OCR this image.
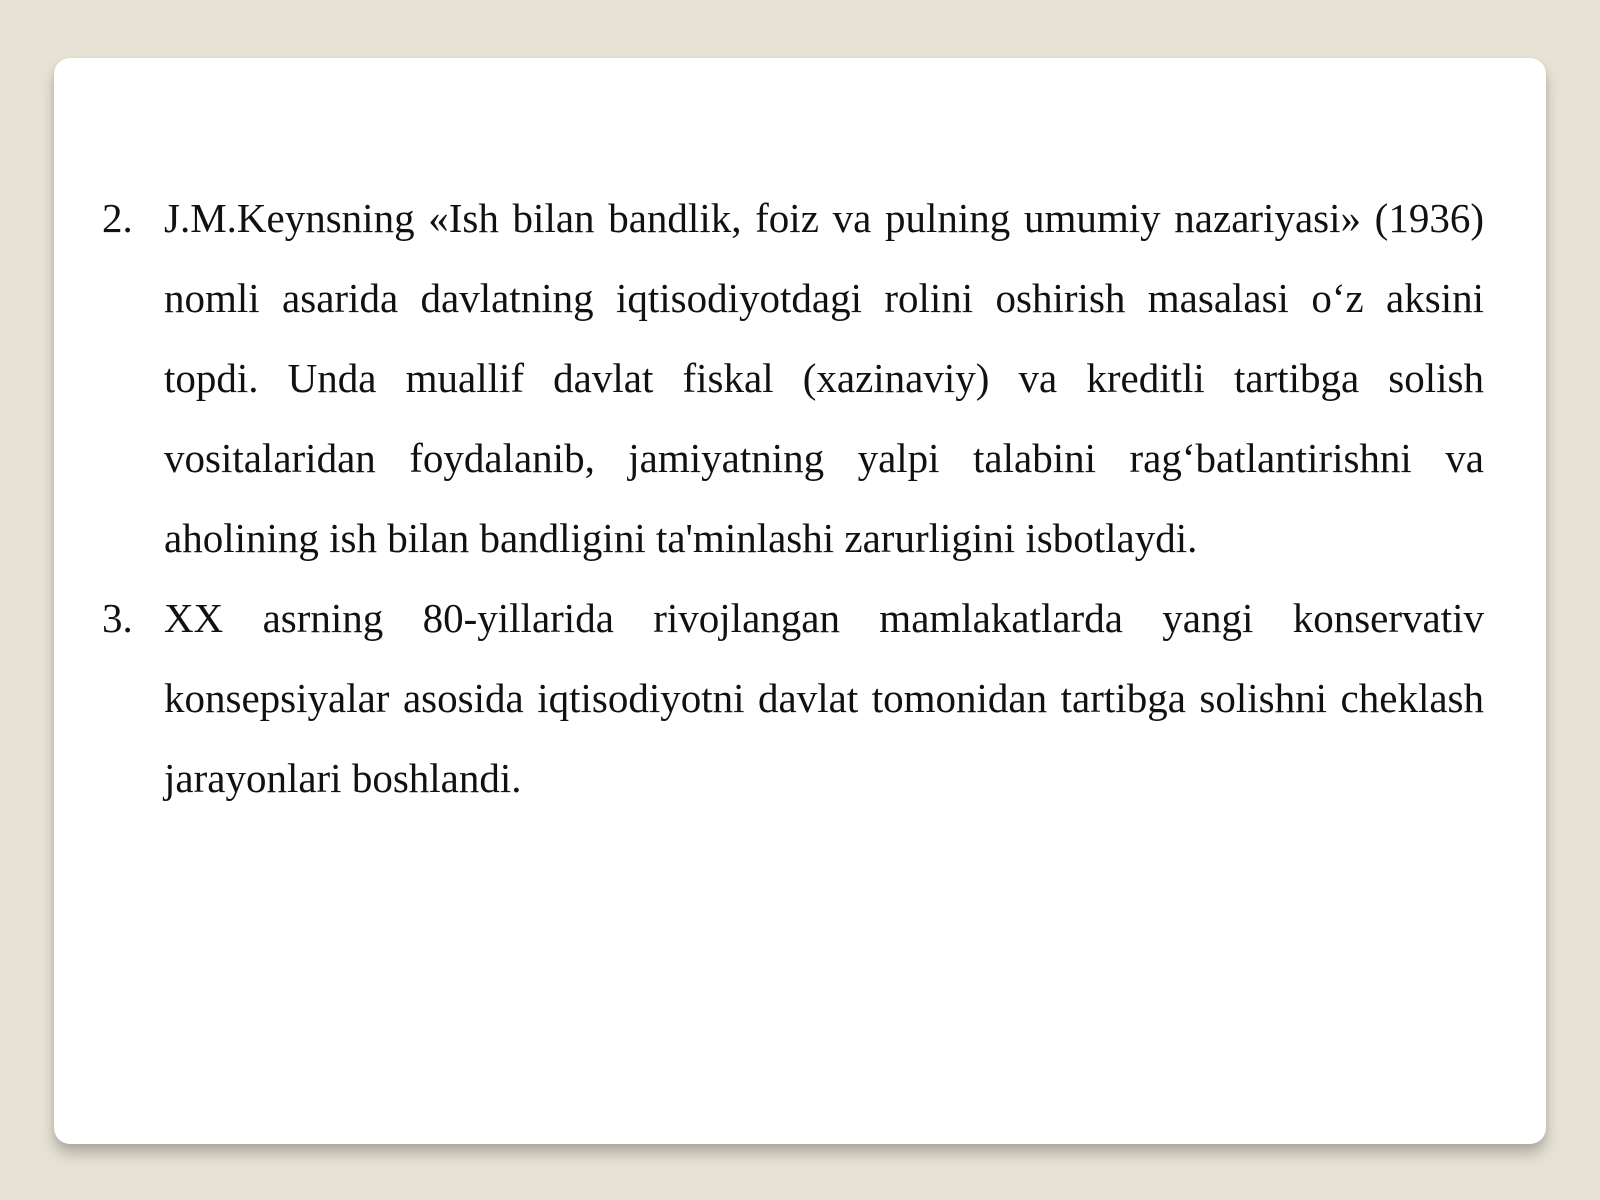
2. J.M.Keynsning «Ish bilan bandlik, foiz va pulning umumiy nazariyasi» (1936) nomli asarida davlatning iqtisodiyotdagi rolini oshirish masalasi o‘z aksini topdi. Unda muallif davlat fiskal (xazinaviy) va kreditli tartibga solish vositalaridan foydalanib, jamiyatning yalpi talabini rag‘batlantirishni va aholining ish bilan bandligini ta'minlashi zarurligini isbotlaydi.
3. XX asrning 80-yillarida rivojlangan mamlakatlarda yangi konservativ konsepsiyalar asosida iqtisodiyotni davlat tomonidan tartibga solishni cheklash jarayonlari boshlandi.
